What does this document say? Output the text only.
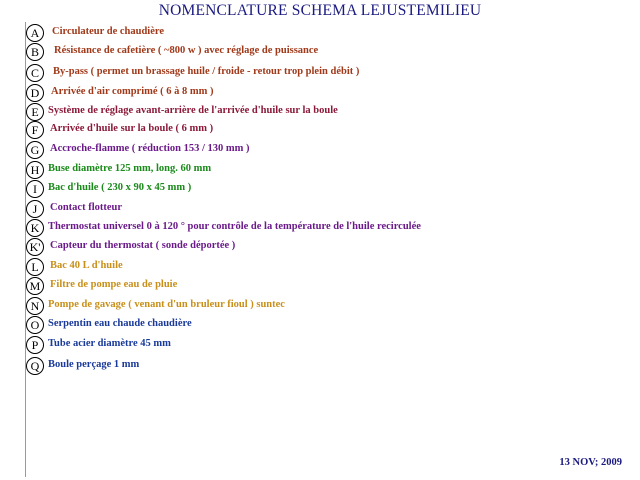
NOMENCLATURE SCHEMA LEJUSTEMILIEU
A	Circulateur de chaudière
B	Résistance de cafetière ( ~800 w ) avec réglage de puissance
C	By-pass ( permet un brassage huile / froide - retour trop plein débit )
D	Arrivée d'air comprimé ( 6 à 8 mm )
E Système de réglage avant-arrière de l'arrivée d'huile sur la boule
F	Arrivée d'huile sur la boule ( 6 mm )
G	Accroche-flamme ( réduction 153 / 130 mm )
H Buse diamètre 125 mm, long. 60 mm
I	Bac d'huile ( 230 x 90 x 45 mm )
J	Contact flotteur
K Thermostat universel 0 à 120 ° pour contrôle de la température de l'huile recirculée
K' Capteur du thermostat ( sonde déportée )
L	Bac 40 L d'huile
M Filtre de pompe eau de pluie
N Pompe de gavage ( venant d'un bruleur fioul ) suntec
O Serpentin eau chaude chaudière
P Tube acier diamètre 45 mm
Q Boule perçage 1 mm
13 NOV; 2009
